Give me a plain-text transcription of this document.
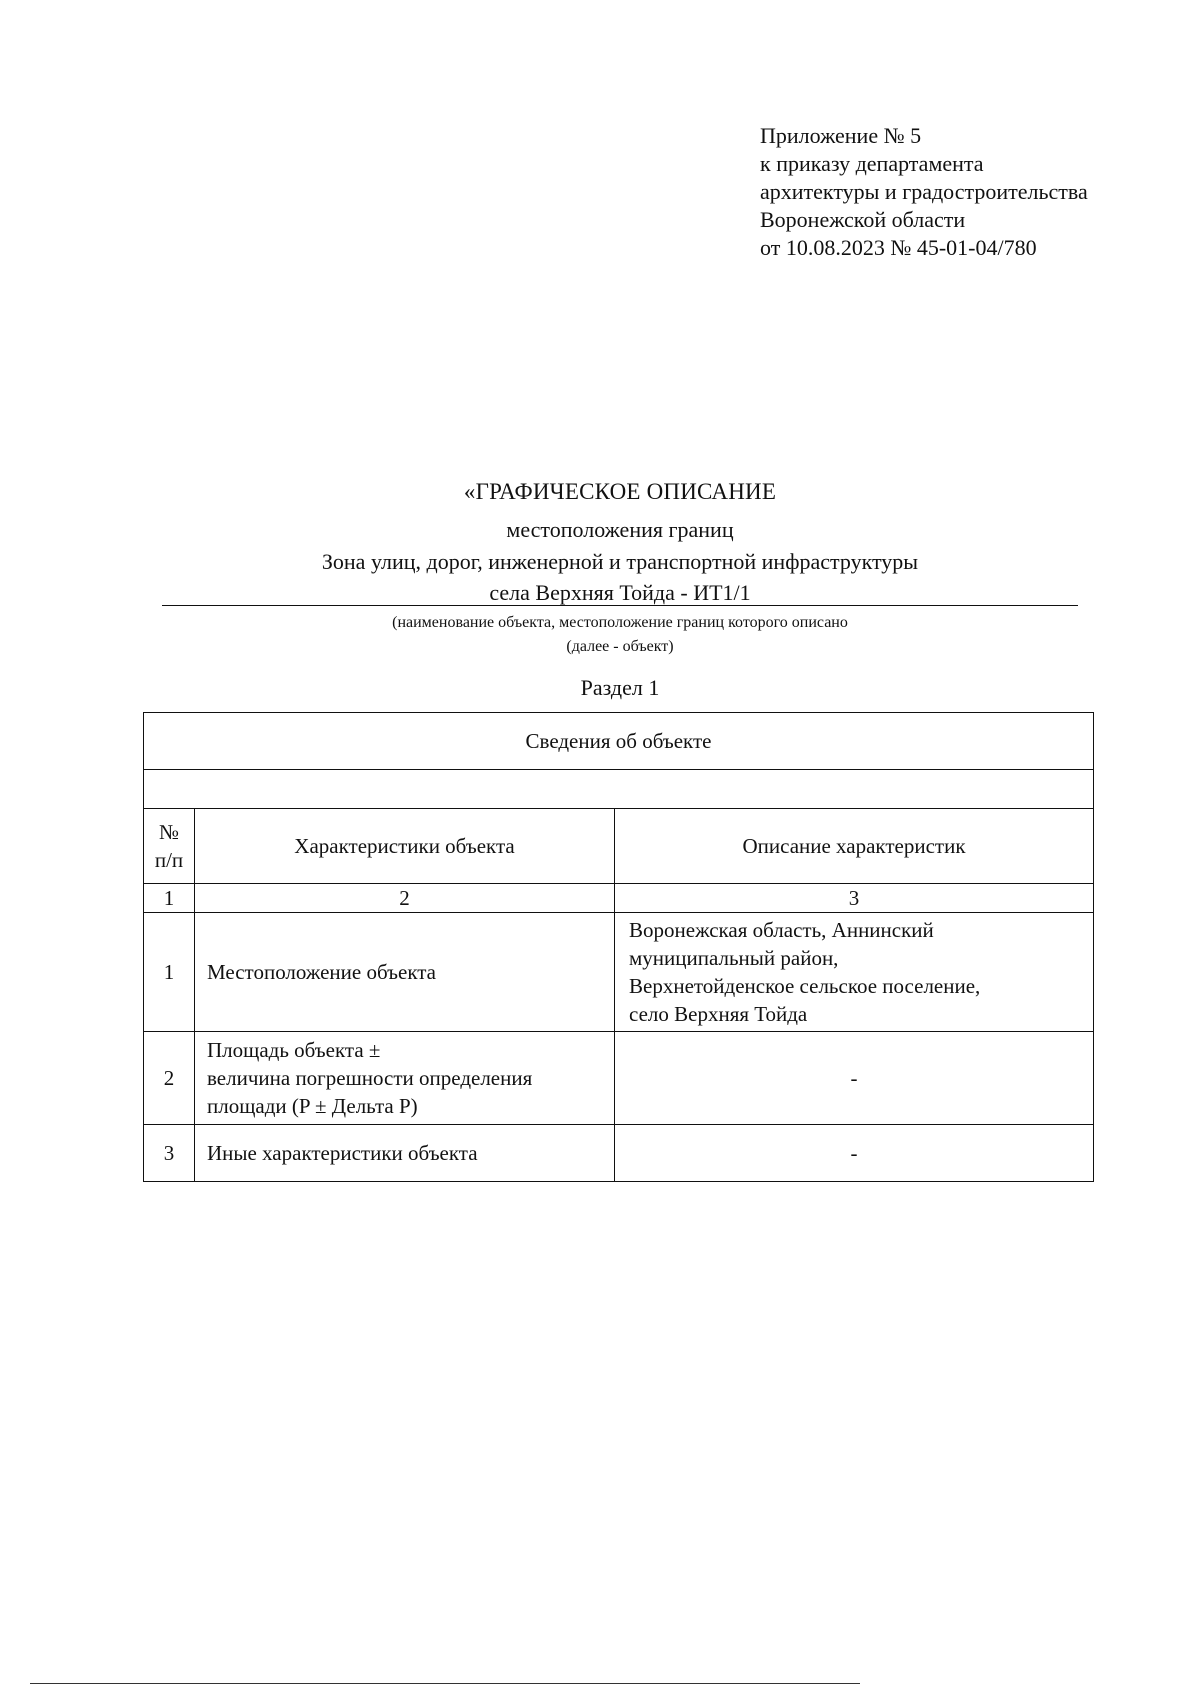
Приложение № 5
к приказу департамента
архитектуры и градостроительства
Воронежской области
от 10.08.2023 № 45-01-04/780
«ГРАФИЧЕСКОЕ ОПИСАНИЕ
местоположения границ
Зона улиц, дорог, инженерной и транспортной инфраструктуры
села Верхняя Тойда - ИТ1/1
(наименование объекта, местоположение границ которого описано
(далее - объект)
Раздел 1
Сведения об объекте		

№
п/п	Характеристики объекта	Описание характеристик
1	2	3
1	Местоположение объекта	Воронежская область, Аннинский
муниципальный район,
Верхнетойденское сельское поселение,
село Верхняя Тойда

2	Площадь объекта ±
величина погрешности определения
площади (P ± Дельта P)	-
3	Иные характеристики объекта	-
